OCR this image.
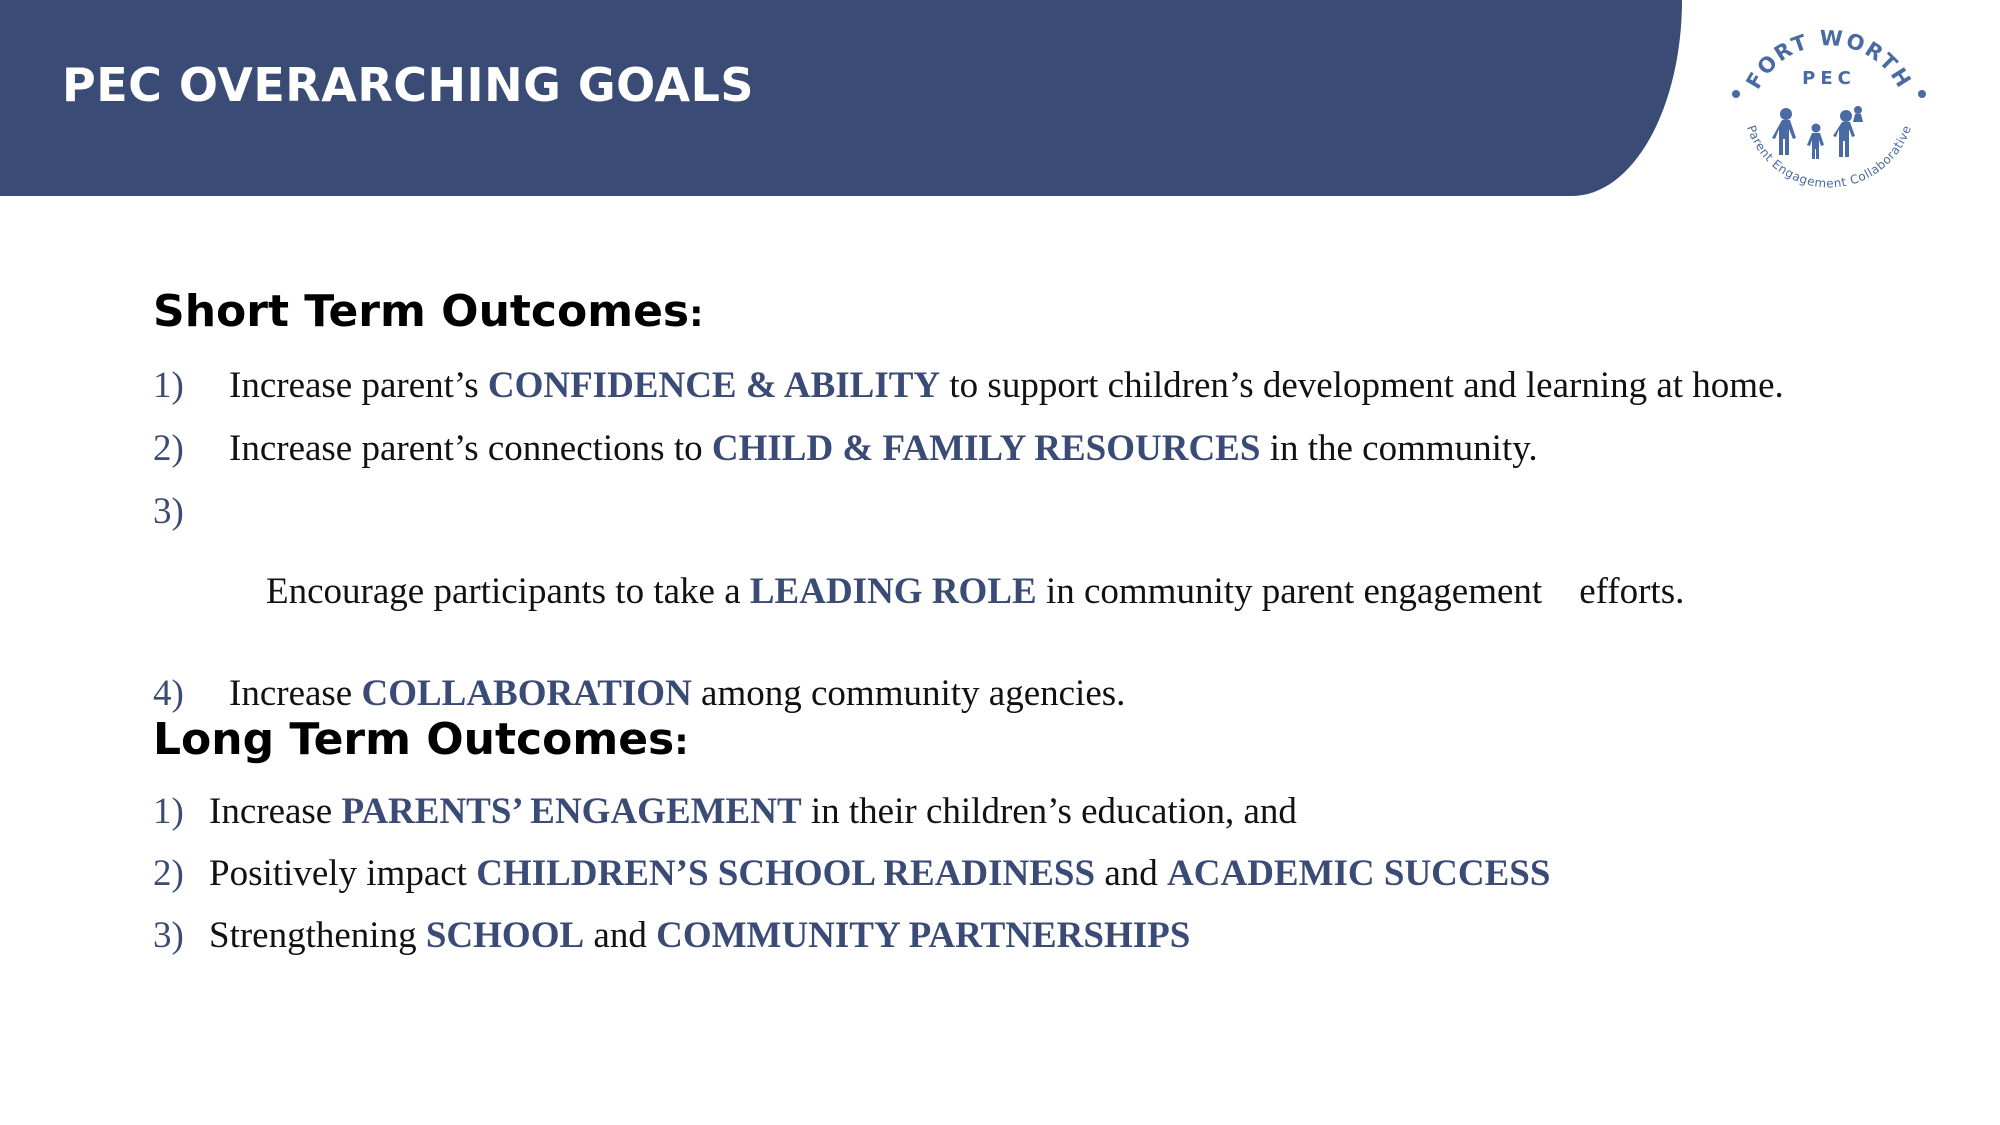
PEC OVERARCHING GOALS	FORT WORTH
PEC
Parent Engagement Collaborative
Short Term Outcomes:
1) Increase parent’s CONFIDENCE & ABILITY to support children’s development and learning at home.
2) Increase parent’s connections to CHILD & FAMILY RESOURCES in the community.

3)

Encourage participants to take a LEADING ROLE in community parent engagement    efforts.

4) Increase COLLABORATION among community agencies.
Long Term Outcomes:
1) Increase PARENTS’ ENGAGEMENT in their children’s education, and
2) Positively impact CHILDREN’S SCHOOL READINESS and ACADEMIC SUCCESS
3) Strengthening SCHOOL and COMMUNITY PARTNERSHIPS
